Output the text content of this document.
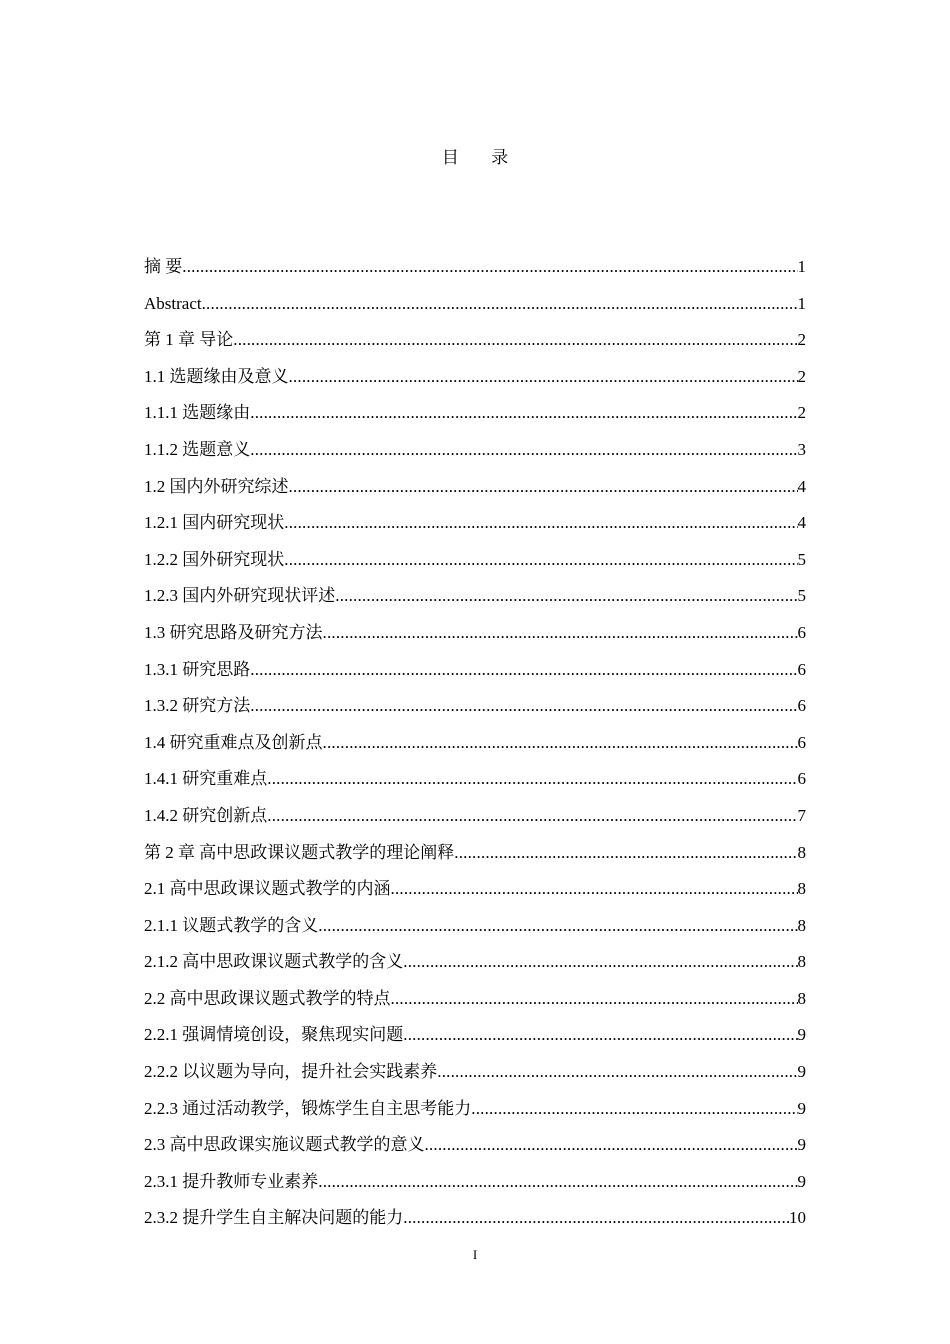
目 录
摘 要 .....	1
Abstract .....	1
第 1 章 导论 .....	2
1.1 选题缘由及意义 .....	2
1.1.1 选题缘由 .....	2
1.1.2 选题意义 .....	3
1.2 国内外研究综述 .....	4
1.2.1 国内研究现状 .....	4
1.2.2 国外研究现状 .....	5
1.2.3 国内外研究现状评述 .....	5
1.3 研究思路及研究方法 .....	6
1.3.1 研究思路 .....	6
1.3.2 研究方法 .....	6
1.4 研究重难点及创新点 .....	6
1.4.1 研究重难点 .....	6
1.4.2 研究创新点 .....	7
第 2 章 高中思政课议题式教学的理论阐释 .....	8
2.1 高中思政课议题式教学的内涵 .....	8
2.1.1 议题式教学的含义 .....	8
2.1.2 高中思政课议题式教学的含义 .....	8
2.2 高中思政课议题式教学的特点 .....	8
2.2.1 强调情境创设，聚焦现实问题 .....	9
2.2.2 以议题为导向，提升社会实践素养 .....	9
2.2.3 通过活动教学，锻炼学生自主思考能力 .....	9
2.3 高中思政课实施议题式教学的意义 .....	9
2.3.1 提升教师专业素养 .....	9
2.3.2 提升学生自主解决问题的能力 .....	10
I
